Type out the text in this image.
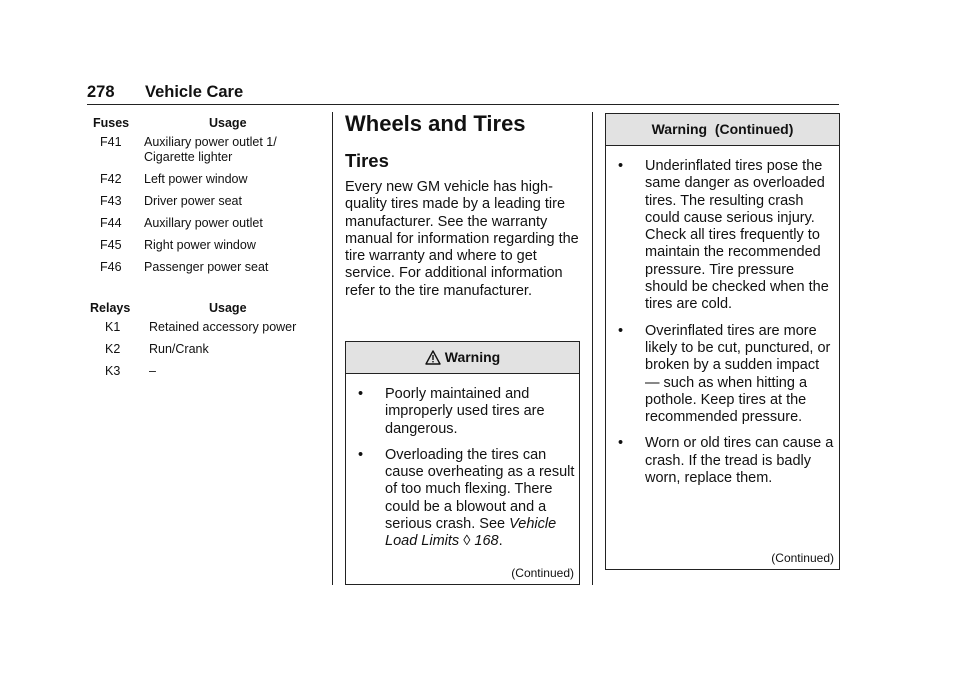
278 Vehicle Care
Fuses	Usage
F41	Auxiliary power outlet 1/ Cigarette lighter
F42	Left power window
F43	Driver power seat
F44	Auxillary power outlet
F45	Right power window
F46	Passenger power seat
Relays	Usage
K1	Retained accessory power
K2	Run/Crank
K3	–
Wheels and Tires
Tires

Every new GM vehicle has high-quality tires made by a leading tire manufacturer. See the warranty manual for information regarding the tire warranty and where to get service. For additional information refer to the tire manufacturer.

Warning
• Poorly maintained and improperly used tires are dangerous.
• Overloading the tires can cause overheating as a result of too much flexing. There could be a blowout and a serious crash. See Vehicle Load Limits ◊ 168.
(Continued)
Warning  (Continued)
• Underinflated tires pose the same danger as overloaded tires. The resulting crash could cause serious injury. Check all tires frequently to maintain the recommended pressure. Tire pressure should be checked when the tires are cold.
• Overinflated tires are more likely to be cut, punctured, or broken by a sudden impact — such as when hitting a pothole. Keep tires at the recommended pressure.
• Worn or old tires can cause a crash. If the tread is badly worn, replace them.
(Continued)
